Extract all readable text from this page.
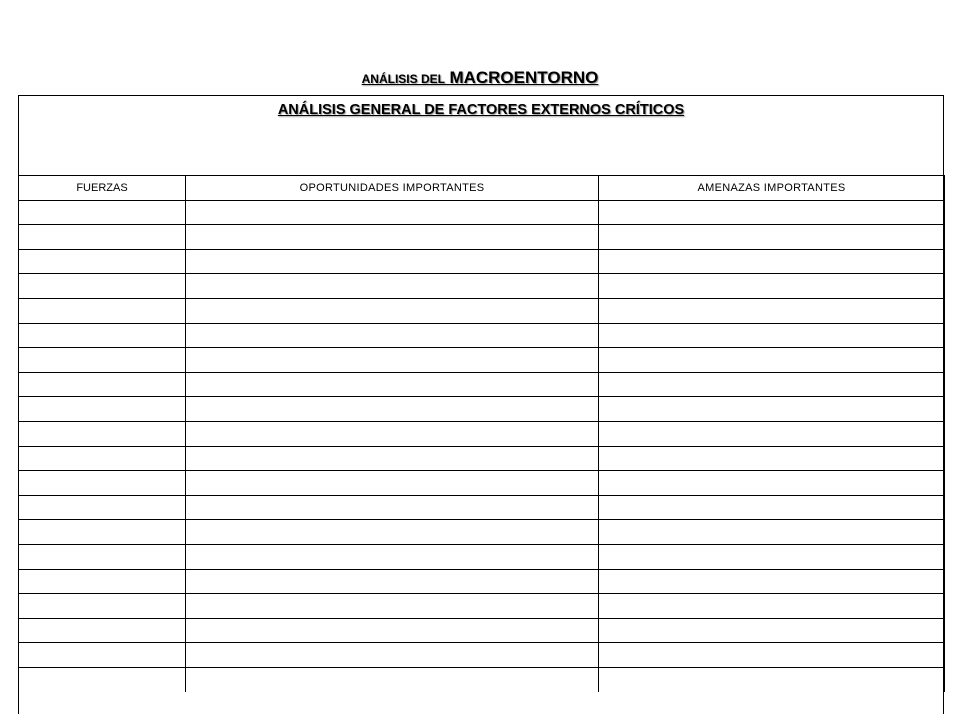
ANÁLISIS DEL MACROENTORNO
ANÁLISIS GENERAL DE FACTORES EXTERNOS CRÍTICOS
FUERZAS	OPORTUNIDADES IMPORTANTES	AMENAZAS IMPORTANTES
